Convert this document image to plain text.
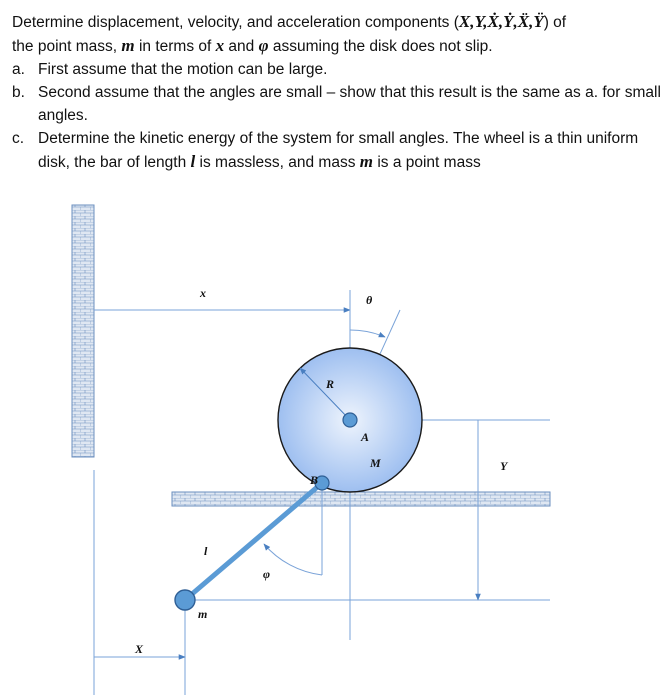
Determine displacement, velocity, and acceleration components (X,Y,Ẋ,Ẏ,Ẍ,Ÿ) of

the point mass, m in terms of x and φ assuming the disk does not slip.

a. First assume that the motion can be large.
b. Second assume that the angles are small – show that this result is the same as a. for small angles.
c. Determine the kinetic energy of the system for small angles. The wheel is a thin uniform disk, the bar of length l is massless, and mass m is a point mass
x	θ
R
A
M
B
Y
l
φ
m
X
